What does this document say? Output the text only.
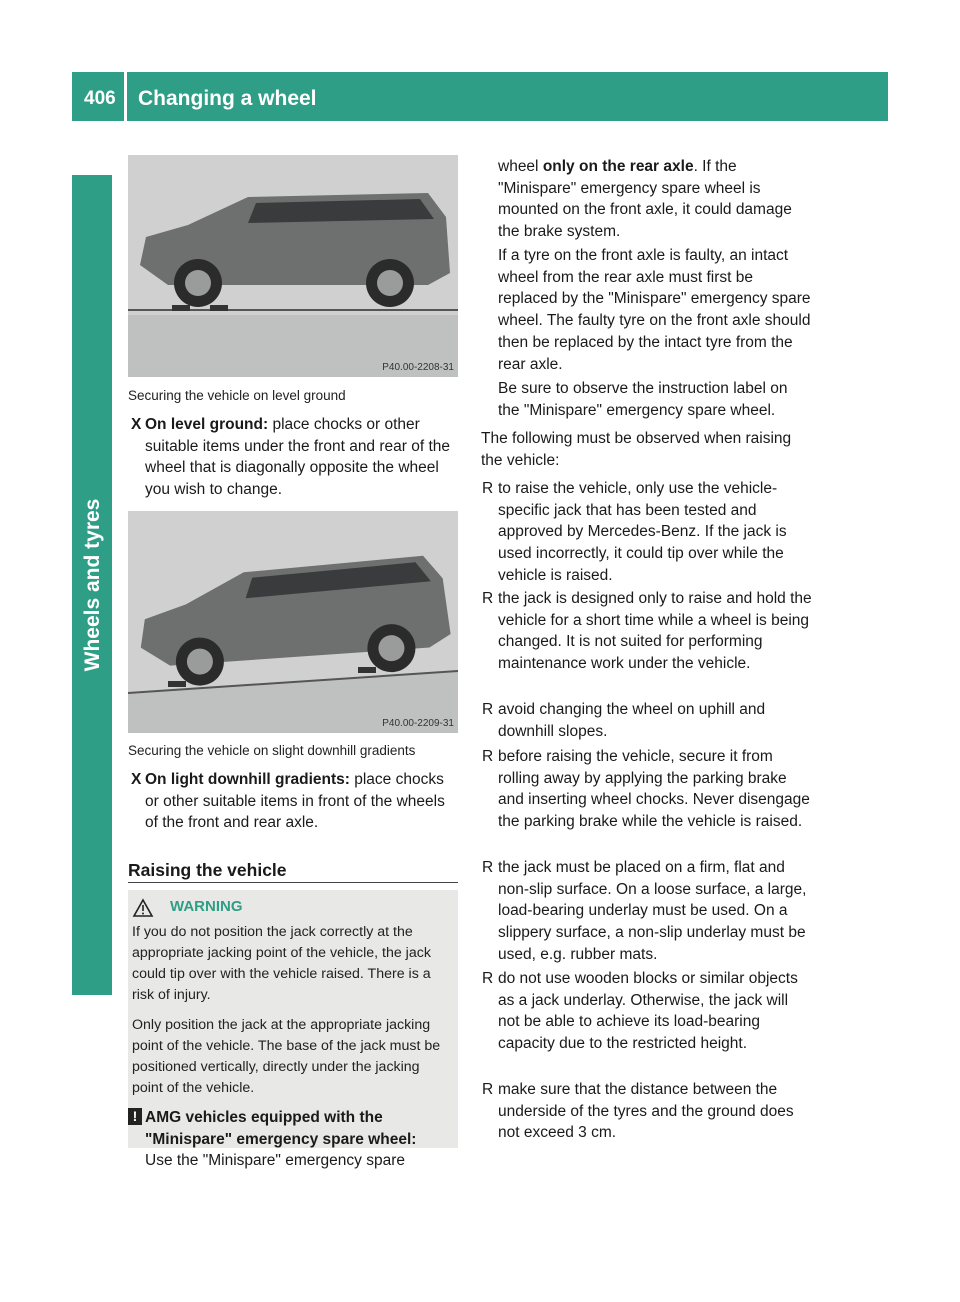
406 Changing a wheel
Wheels and tyres
P40.00-2208-31
Securing the vehicle on level ground
X On level ground: place chocks or other suitable items under the front and rear of the wheel that is diagonally opposite the wheel you wish to change.
P40.00-2209-31
Securing the vehicle on slight downhill gradients
X On light downhill gradients: place chocks or other suitable items in front of the wheels of the front and rear axle.
Raising the vehicle
WARNING
If you do not position the jack correctly at the appropriate jacking point of the vehicle, the jack could tip over with the vehicle raised. There is a risk of injury.
Only position the jack at the appropriate jacking point of the vehicle. The base of the jack must be positioned vertically, directly under the jacking point of the vehicle.
! AMG vehicles equipped with the "Minispare" emergency spare wheel:
Use the "Minispare" emergency spare
wheel only on the rear axle. If the "Minispare" emergency spare wheel is mounted on the front axle, it could damage the brake system.
If a tyre on the front axle is faulty, an intact wheel from the rear axle must first be replaced by the "Minispare" emergency spare wheel. The faulty tyre on the front axle should then be replaced by the intact tyre from the rear axle.
Be sure to observe the instruction label on the "Minispare" emergency spare wheel.
The following must be observed when raising the vehicle:
R to raise the vehicle, only use the vehicle-specific jack that has been tested and approved by Mercedes-Benz. If the jack is used incorrectly, it could tip over while the vehicle is raised.
R the jack is designed only to raise and hold the vehicle for a short time while a wheel is being changed. It is not suited for performing maintenance work under the vehicle.
R avoid changing the wheel on uphill and downhill slopes.
R before raising the vehicle, secure it from rolling away by applying the parking brake and inserting wheel chocks. Never disengage the parking brake while the vehicle is raised.
R the jack must be placed on a firm, flat and non-slip surface. On a loose surface, a large, load-bearing underlay must be used. On a slippery surface, a non-slip underlay must be used, e.g. rubber mats.
R do not use wooden blocks or similar objects as a jack underlay. Otherwise, the jack will not be able to achieve its load-bearing capacity due to the restricted height.
R make sure that the distance between the underside of the tyres and the ground does not exceed 3 cm.
